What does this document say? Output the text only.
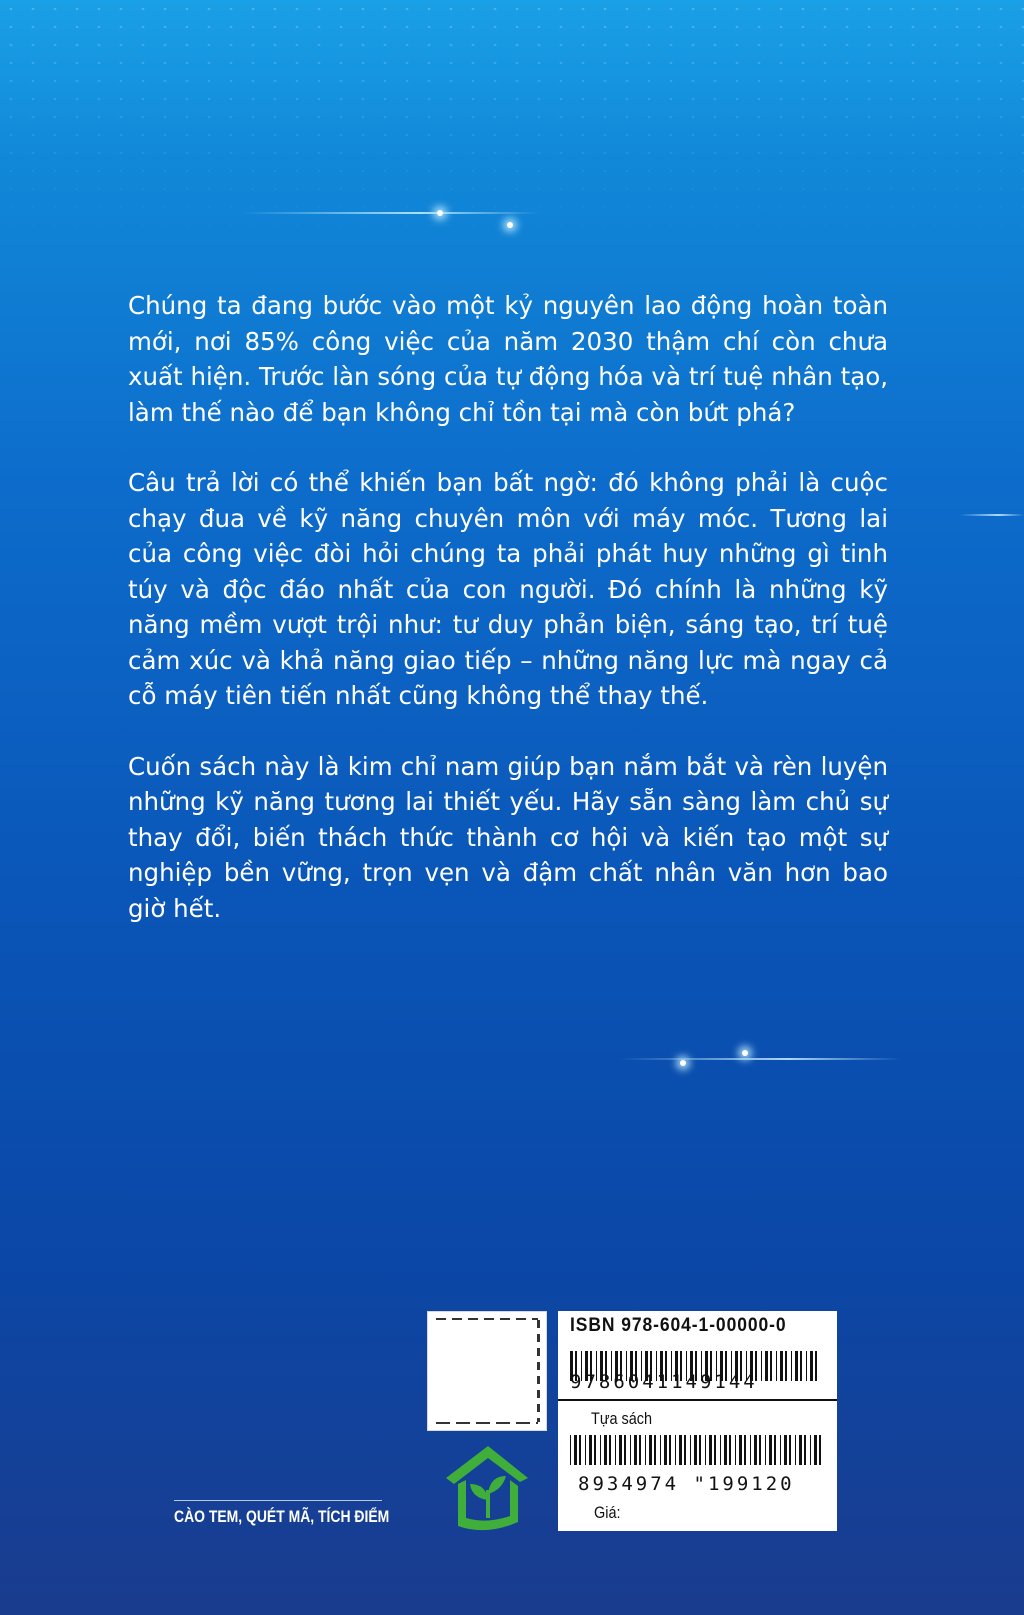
Chúng ta đang bước vào một kỷ nguyên lao động hoàn toàn mới, nơi 85% công việc của năm 2030 thậm chí còn chưa xuất hiện. Trước làn sóng của tự động hóa và trí tuệ nhân tạo, làm thế nào để bạn không chỉ tồn tại mà còn bứt phá?

Câu trả lời có thể khiến bạn bất ngờ: đó không phải là cuộc chạy đua về kỹ năng chuyên môn với máy móc. Tương lai của công việc đòi hỏi chúng ta phải phát huy những gì tinh túy và độc đáo nhất của con người. Đó chính là những kỹ năng mềm vượt trội như: tư duy phản biện, sáng tạo, trí tuệ cảm xúc và khả năng giao tiếp – những năng lực mà ngay cả cỗ máy tiên tiến nhất cũng không thể thay thế.

Cuốn sách này là kim chỉ nam giúp bạn nắm bắt và rèn luyện những kỹ năng tương lai thiết yếu. Hãy sẵn sàng làm chủ sự thay đổi, biến thách thức thành cơ hội và kiến tạo một sự nghiệp bền vững, trọn vẹn và đậm chất nhân văn hơn bao giờ hết.

CÀO TEM, QUÉT MÃ, TÍCH ĐIỂM
ISBN 978-604-1-00000-0
9786041149144
Tựa sách
8934974 "199120
Giá:
